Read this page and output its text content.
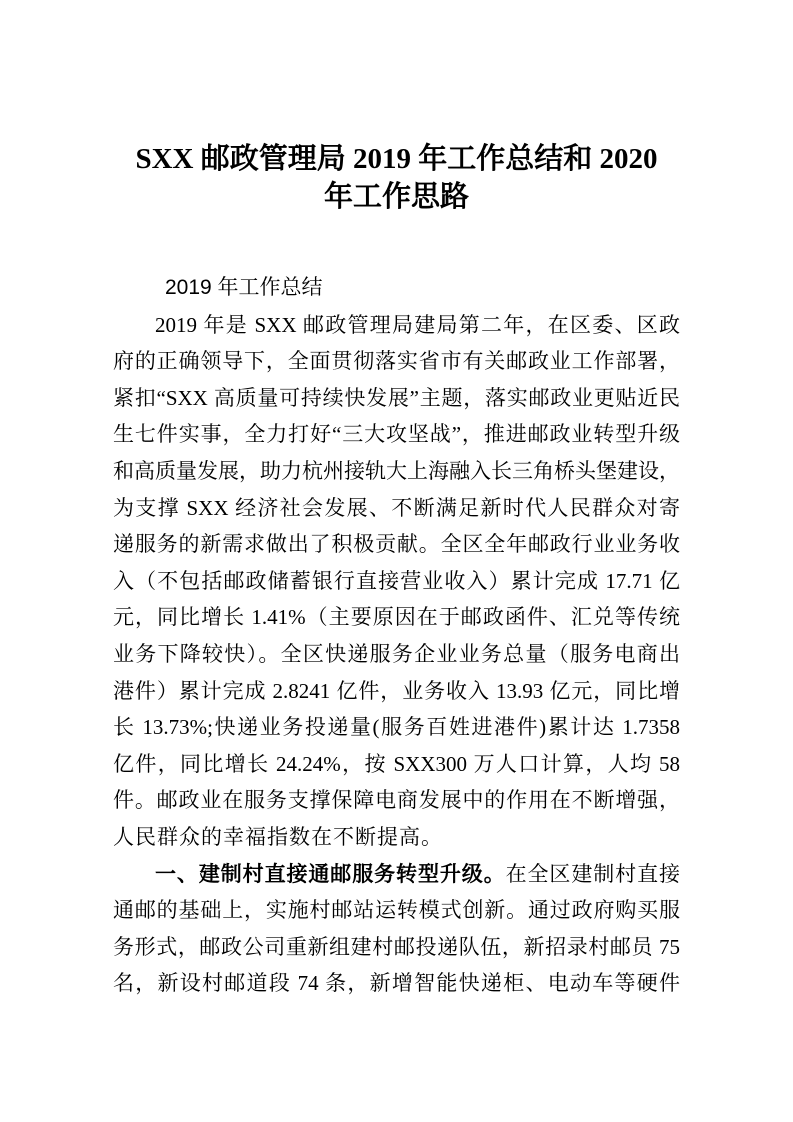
SXX 邮政管理局 2019 年工作总结和 2020
年工作思路
2019 年工作总结
2019 年是 SXX 邮政管理局建局第二年，在区委、区政
府的正确领导下，全面贯彻落实省市有关邮政业工作部署，
紧扣“SXX 高质量可持续快发展”主题，落实邮政业更贴近民
生七件实事，全力打好“三大攻坚战”，推进邮政业转型升级
和高质量发展，助力杭州接轨大上海融入长三角桥头堡建设，
为支撑 SXX 经济社会发展、不断满足新时代人民群众对寄
递服务的新需求做出了积极贡献。全区全年邮政行业业务收
入（不包括邮政储蓄银行直接营业收入）累计完成 17.71 亿
元，同比增长 1.41%（主要原因在于邮政函件、汇兑等传统
业务下降较快）。全区快递服务企业业务总量（服务电商出
港件）累计完成 2.8241 亿件，业务收入 13.93 亿元，同比增
长 13.73%;快递业务投递量(服务百姓进港件)累计达 1.7358
亿件，同比增长 24.24%，按 SXX300 万人口计算，人均 58
件。邮政业在服务支撑保障电商发展中的作用在不断增强，
人民群众的幸福指数在不断提高。
一、建制村直接通邮服务转型升级。在全区建制村直接
通邮的基础上，实施村邮站运转模式创新。通过政府购买服
务形式，邮政公司重新组建村邮投递队伍，新招录村邮员 75
名，新设村邮道段 74 条，新增智能快递柜、电动车等硬件
